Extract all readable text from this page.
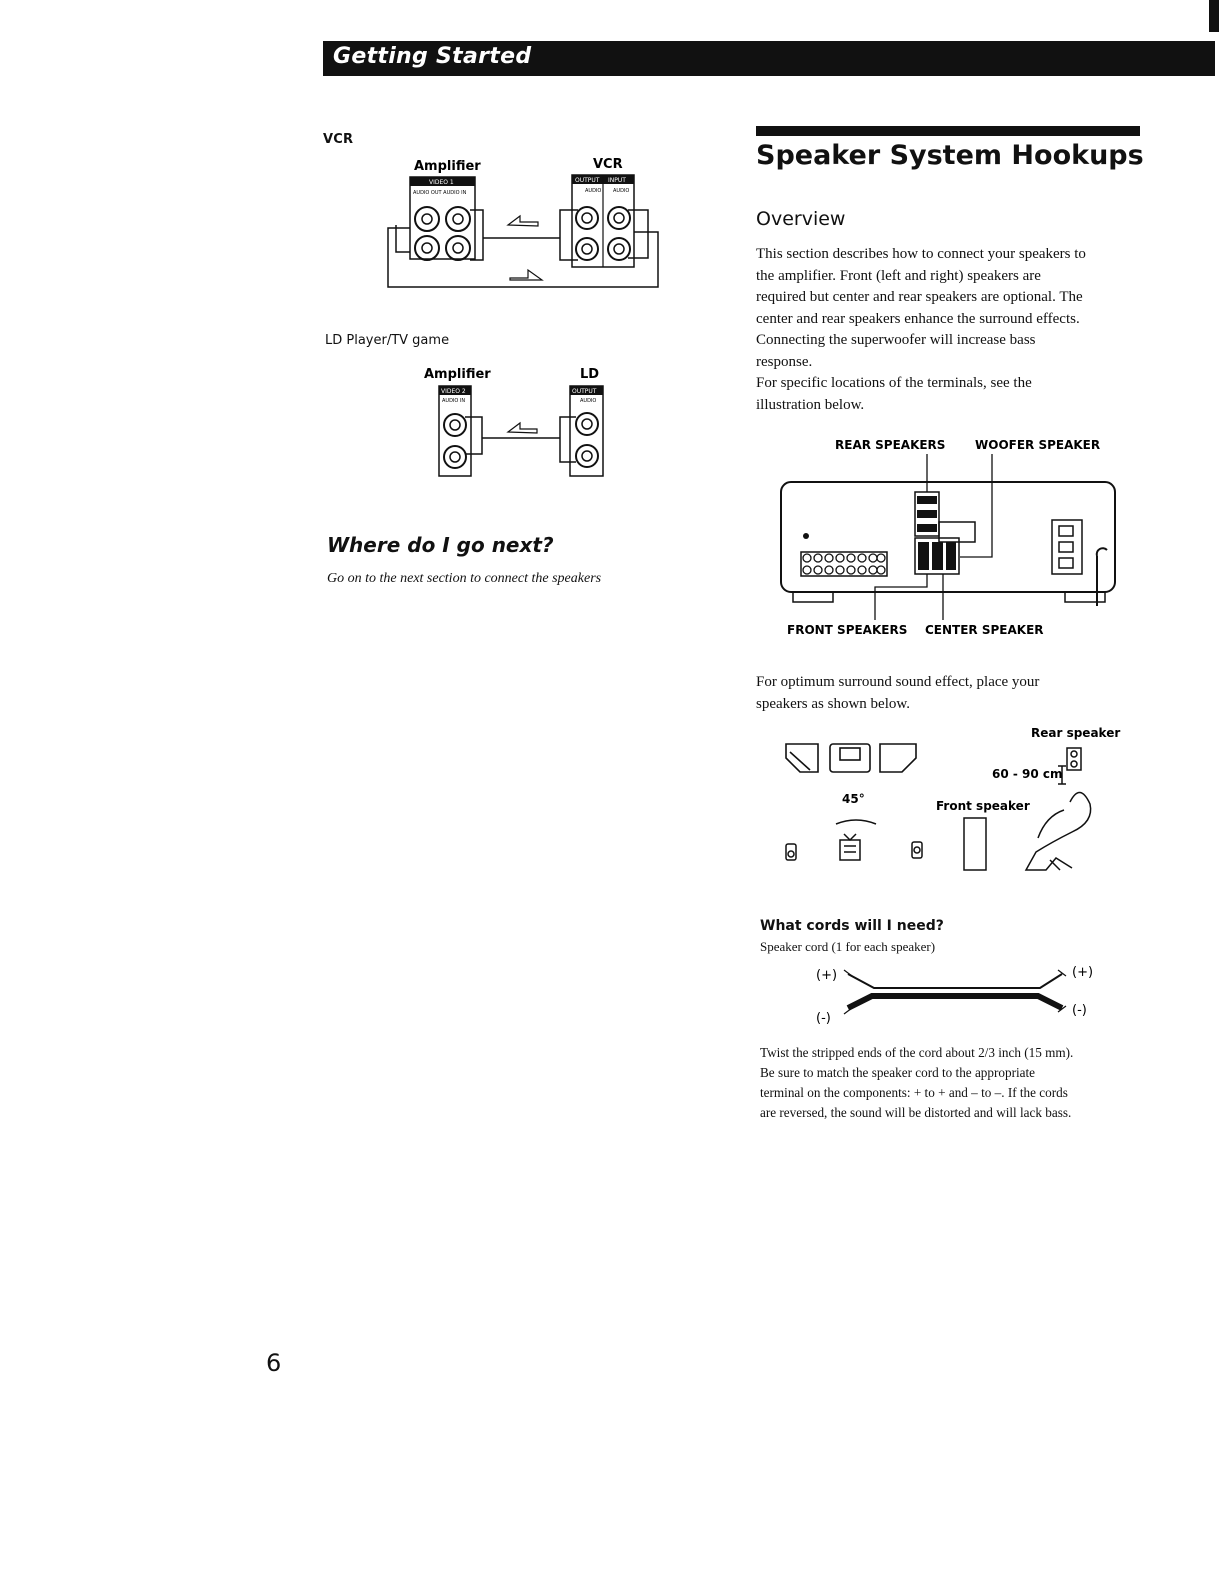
Getting Started
VCR
Amplifier	VCR
VIDEO 1
AUDIO OUT AUDIO IN
OUTPUT INPUT
AUDIO AUDIO
LD Player/TV game
Amplifier	LD
VIDEO 2
AUDIO IN
OUTPUT
AUDIO
Where do I go next?
Go on to the next section to connect the speakers
Speaker System Hookups
Overview

This section describes how to connect your speakers to

the amplifier. Front (left and right) speakers are

required but center and rear speakers are optional. The

center and rear speakers enhance the surround effects.

Connecting the superwoofer will increase bass

response.

For specific locations of the terminals, see the

illustration below.

REAR SPEAKERS WOOFER SPEAKER
FRONT SPEAKERS CENTER SPEAKER

For optimum surround sound effect, place your

speakers as shown below.

Rear speaker
60 - 90 cm
45°	Front speaker
What cords will I need?
Speaker cord (1 for each speaker)
(+)
(-)
(+)
(-)
Twist the stripped ends of the cord about 2/3 inch (15 mm).
Be sure to match the speaker cord to the appropriate
terminal on the components: + to + and – to –. If the cords
are reversed, the sound will be distorted and will lack bass.
6
